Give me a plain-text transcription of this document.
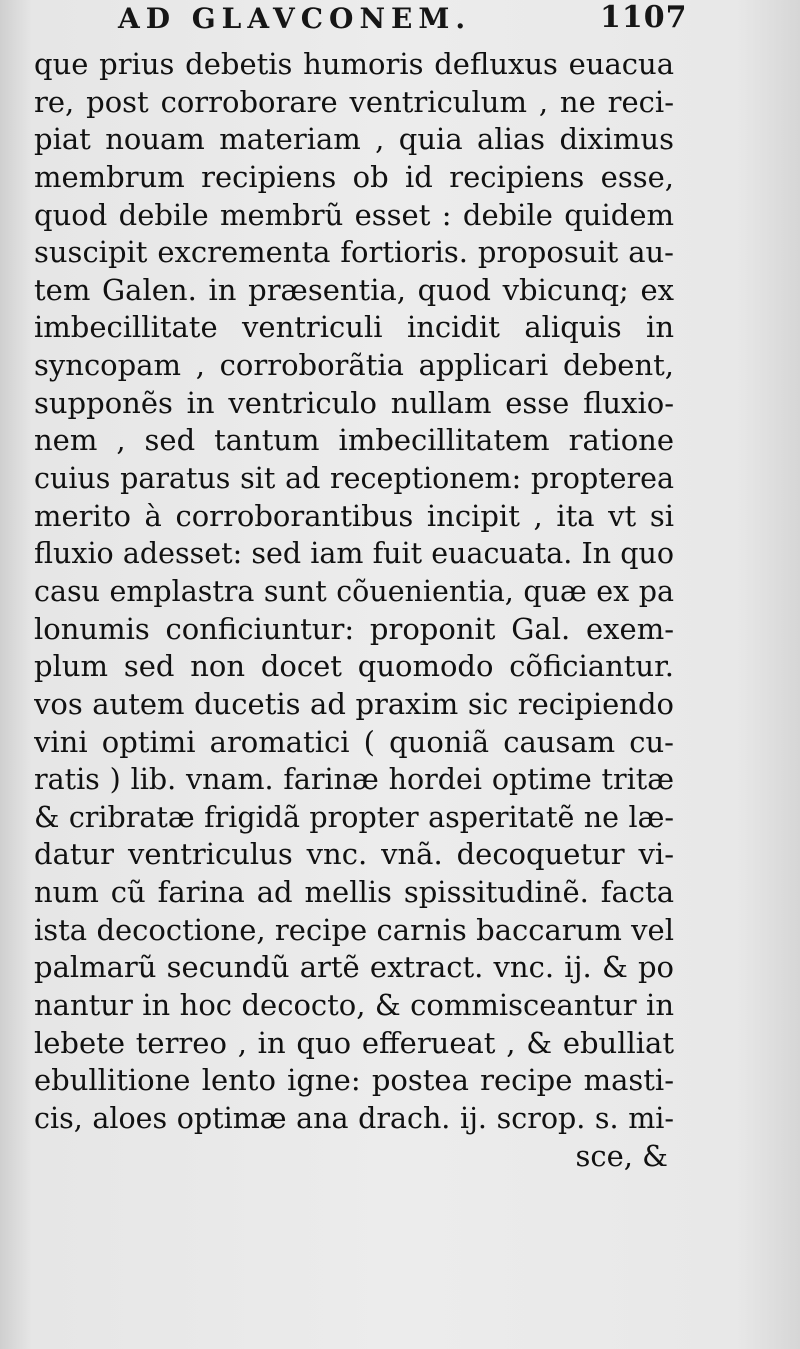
AD GLAVCONEM.	1107
que prius debetis humoris defluxus euacua
re, post corroborare ventriculum , ne reci-
piat nouam materiam , quia alias diximus
membrum recipiens ob id recipiens esse,
quod debile membrũ esset : debile quidem
suscipit excrementa fortioris. proposuit au-
tem Galen. in præsentia, quod vbicunq; ex
imbecillitate ventriculi incidit aliquis in
syncopam , corroborãtia applicari debent,
supponẽs in ventriculo nullam esse fluxio-
nem , sed tantum imbecillitatem ratione
cuius paratus sit ad receptionem: propterea
merito à corroborantibus incipit , ita vt si
fluxio adesset: sed iam fuit euacuata. In quo
casu emplastra sunt cõuenientia, quæ ex pa
lonumis conficiuntur: proponit Gal. exem-
plum sed non docet quomodo cõficiantur.
vos autem ducetis ad praxim sic recipiendo
vini optimi aromatici ( quoniã causam cu-
ratis ) lib. vnam. farinæ hordei optime tritæ
& cribratæ frigidã propter asperitatẽ ne læ-
datur ventriculus vnc. vnã. decoquetur vi-
num cũ farina ad mellis spissitudinẽ. facta
ista decoctione, recipe carnis baccarum vel
palmarũ secundũ artẽ extract. vnc. ij. & po
nantur in hoc decocto, & commisceantur in
lebete terreo , in quo efferueat , & ebulliat
ebullitione lento igne: postea recipe masti-
cis, aloes optimæ ana drach. ij. scrop. s. mi-
sce, &
